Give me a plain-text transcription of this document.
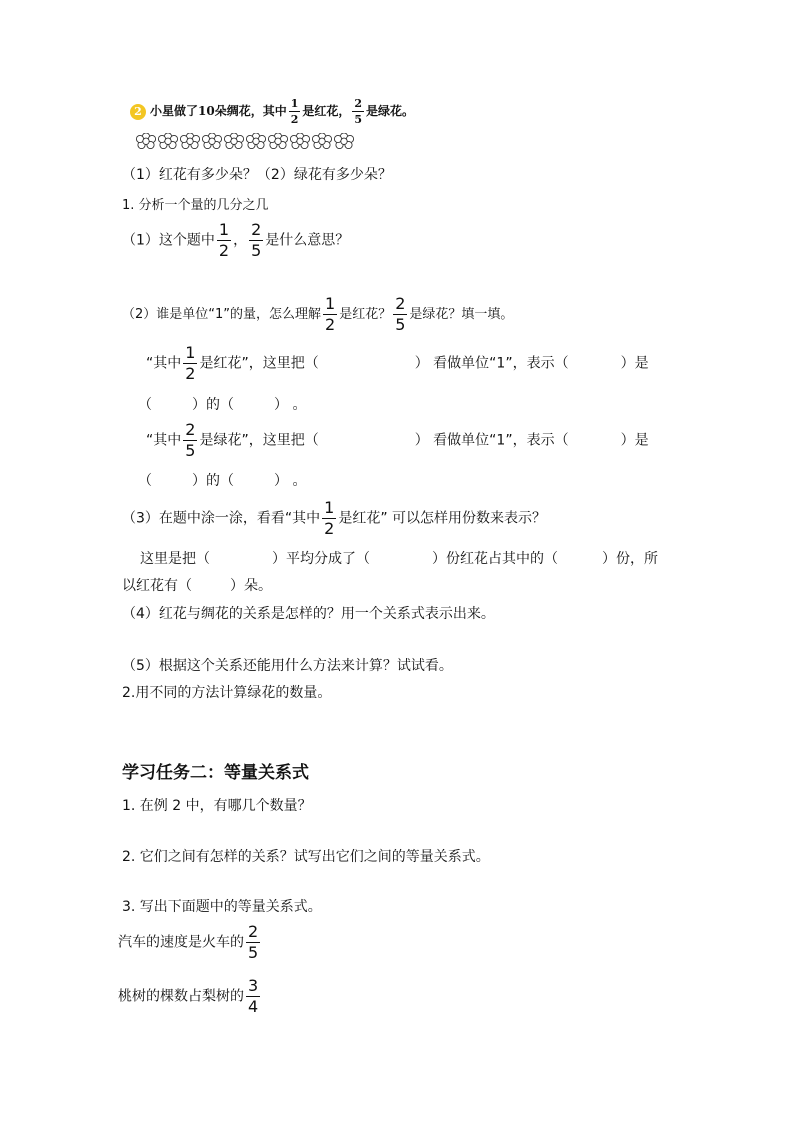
2 小星做了10朵绸花，其中 $\frac{1}{2}$ 是红花， $\frac{2}{5}$ 是绿花。
（1）红花有多少朵？（2）绿花有多少朵？
1. 分析一个量的几分之几
（1）这个题中 $\frac{1}{2}$ ， $\frac{2}{5}$ 是什么意思？
（2）谁是单位“1”的量，怎么理解 $\frac{1}{2}$ 是红花？ $\frac{2}{5}$ 是绿花？填一填。
“其中 $\frac{1}{2}$ 是红花”，这里把（	） 看做单位“1”，表示（	）是
（	）的（	） 。
“其中 $\frac{2}{5}$ 是绿花”，这里把（	） 看做单位“1”，表示（	）是
（	）的（	） 。
（3）在题中涂一涂，看看“其中 $\frac{1}{2}$ 是红花” 可以怎样用份数来表示？
这里是把（	）平均分成了（	）份红花占其中的（	）份，所
以红花有（	）朵。
（4）红花与绸花的关系是怎样的？用一个关系式表示出来。
（5）根据这个关系还能用什么方法来计算？试试看。
2.用不同的方法计算绿花的数量。
学习任务二：等量关系式
1. 在例 2 中，有哪几个数量？
2. 它们之间有怎样的关系？试写出它们之间的等量关系式。
3. 写出下面题中的等量关系式。
汽车的速度是火车的 $\frac{2}{5}$
桃树的棵数占梨树的 $\frac{3}{4}$
